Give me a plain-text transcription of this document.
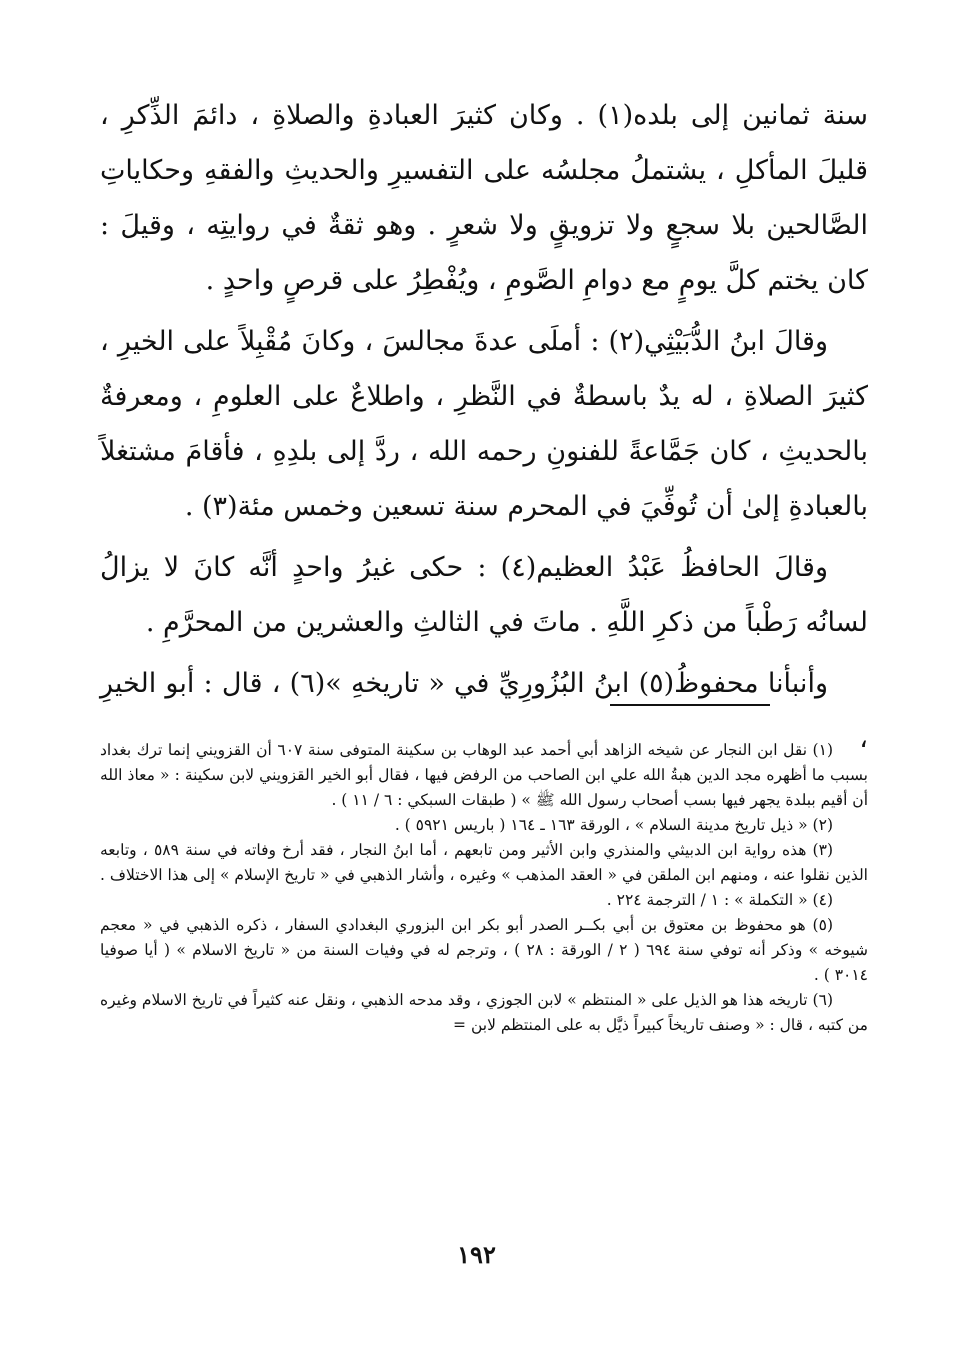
سنة ثمانين إلى بلده(١) . وكان كثيرَ العبادةِ والصلاةِ ، دائمَ الذِّكرِ ، قليلَ المأكلِ ، يشتملُ مجلسُه على التفسيرِ والحديثِ والفقهِ وحكاياتِ الصَّالحين بلا سجعٍ ولا تزويقٍ ولا شعرٍ . وهو ثقةٌ في روايتِه ، وقيلَ : كان يختم كلَّ يومٍ مع دوامِ الصَّومِ ، ويُفْطِرُ على قرصٍ واحدٍ .

وقالَ ابنُ الدُّبَيْثِي(٢) : أملَى عدةَ مجالسَ ، وكانَ مُقْبِلاً على الخيرِ ، كثيرَ الصلاةِ ، له يدٌ باسطةٌ في النَّظرِ ، واطلاعٌ على العلومِ ، ومعرفةٌ بالحديثِ ، كان جَمَّاعةً للفنونِ رحمه الله ، ردَّ إلى بلدِهِ ، فأقامَ مشتغلاً بالعبادةِ إلىٰ أن تُوفِّيَ في المحرم سنة تسعين وخمس مئة(٣) .

وقالَ الحافظُ عَبْدُ العظيم(٤) : حكى غيرُ واحدٍ أنَّه كانَ لا يزالُ لسانُه رَطْباً من ذكرِ اللَّهِ . ماتَ في الثالثِ والعشرين من المحرَّمِ .

وأنبأنا محفوظُ(٥) ابنُ البُزُورِيِّ في « تاريخهِ »(٦) ، قال : أبو الخيرِ ،

(١) نقل ابن النجار عن شيخه الزاهد أبي أحمد عبد الوهاب بن سكينة المتوفى سنة ٦٠٧ أن القزويني إنما ترك بغداد بسبب ما أظهره مجد الدين هبةُ الله علي ابن الصاحب من الرفض فيها ، فقال أبو الخير القزويني لابن سكينة : « معاذ الله أن أقيم ببلدة يجهر فيها بسب أصحاب رسول الله ﷺ » ( طبقات السبكي : ٦ / ١١ ) .

(٢) « ذيل تاريخ مدينة السلام » ، الورقة ١٦٣ ـ ١٦٤ ( باريس ٥٩٢١ ) .

(٣) هذه رواية ابن الدبيثي والمنذري وابن الأثير ومن تابعهم ، أما ابنُ النجار ، فقد أرخ وفاته في سنة ٥٨٩ ، وتابعه الذين نقلوا عنه ، ومنهم ابن الملقن في « العقد المذهب » وغيره ، وأشار الذهبي في « تاريخ الإسلام » إلى هذا الاختلاف .

(٤) « التكملة » : ١ / الترجمة ٢٢٤ .

(٥) هو محفوظ بن معتوق بن أبي بكــر الصدر أبو بكر ابن البزوري البغدادي السفار ، ذكره الذهبي في « معجم شيوخه » وذكر أنه توفي سنة ٦٩٤ ( ٢ / الورقة : ٢٨ ) ، وترجم له في وفيات السنة من « تاريخ الاسلام » ( أيا صوفيا ٣٠١٤ ) .

(٦) تاريخه هذا هو الذيل على « المنتظم » لابن الجوزي ، وقد مدحه الذهبي ، ونقل عنه كثيراً في تاريخ الاسلام وغيره من كتبه ، قال : « وصنف تاريخاً كبيراً ذيَّل به على المنتظم لابن =

١٩٢
